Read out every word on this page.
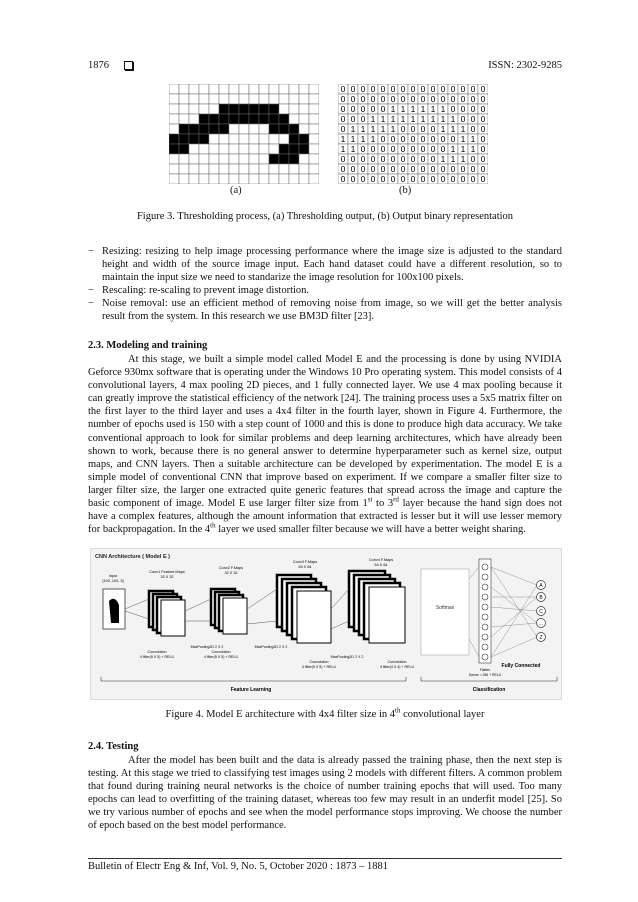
1876	ISSN: 2302-9285
0 0 0 0 0 0 0 0 0 0 0 0 0 0 0
0 0 0 0 0 0 0 0 0 0 0 0 0 0 0
0 0 0 0 0 1 1 1 1 1 1 0 0 0 0
0 0 0 1 1 1 1 1 1 1 1 1 0 0 0
0 1 1 1 1 1 0 0 0 0 1 1 1 0 0
1 1 1 1 0 0 0 0 0 0 0 0 1 1 0
1 1 0 0 0 0 0 0 0 0 0 1 1 1 0
0 0 0 0 0 0 0 0 0 0 1 1 1 0 0
0 0 0 0 0 0 0 0 0 0 0 0 0 0 0
0 0 0 0 0 0 0 0 0 0 0 0 0 0 0
(a)	(b)
Figure 3. Thresholding process, (a) Thresholding output, (b) Output binary representation

− Resizing: resizing to help image processing performance where the image size is adjusted to the standard height and width of the source image input. Each hand dataset could have a different resolution, so to maintain the input size we need to standarize the image resolution for 100x100 pixels.

− Rescaling: re-scaling to prevent image distortion.

− Noise removal: use an efficient method of removing noise from image, so we will get the better analysis result from the system. In this research we use BM3D filter [23].

2.3. Modeling and training
At this stage, we built a simple model called Model E and the processing is done by using NVIDIA Geforce 930mx software that is operating under the Windows 10 Pro operating system. This model consists of 4 convolutional layers, 4 max pooling 2D pieces, and 1 fully connected layer. We use 4 max pooling because it can greatly improve the statistical efficiency of the network [24]. The training process uses a 5x5 matrix filter on the first layer to the third layer and uses a 4x4 filter in the fourth layer, shown in Figure 4. Furthermore, the number of epochs used is 150 with a step count of 1000 and this is done to produce high data accuracy. We take conventional approach to look for similar problems and deep learning architectures, which have already been shown to work, because there is no general answer to determine hyperparameter such as kernel size, output maps, and CNN layers. Then a suitable architecture can be developed by experimentation. The model E is a simple model of conventional CNN that improve based on experiment. If we compare a smaller filter size to larger filter size, the larger one extracted quite generic features that spread across the image and capture the basic component of image. Model E use larger filter size from 1st to 3rd layer because the hand sign does not have a complex features, although the amount information that extracted is lesser but it will use lesser memory for backpropagation. In the 4th layer we used smaller filter because we will have a better weight sharing.
CNN Architecture ( Model E )
Input
[100 ,100, 3]
Conv1 Feature Maps
32 X 32
Conv2 F.Maps
32 X 32
Conv3 F.Maps
64 X 64
Conv4 F.Maps
64 X 64
MaxPooling2D 2 X 2
Convolution
4 filter(5 X 5) + RELU
MaxPooling2D 2 X 2
Convolution
4 filter(5 X 5) + RELU	MaxPooling2D 2 X 2
Convolution
4 filter(5 X 5) + RELU
Convolution
4 filter(4 X 4) + RELU
Softmax
Flatten
Dense = 256 + RELU
Fully Connected
A
B
C
...
Z
Feature Learning	Classification
Figure 4. Model E architecture with 4x4 filter size in 4th convolutional layer
2.4. Testing
After the model has been built and the data is already passed the training phase, then the next step is testing. At this stage we tried to classifying test images using 2 models with different filters. A common problem that found during training neural networks is the choice of number training epochs that will used. Too many epochs can lead to overfitting of the training dataset, whereas too few may result in an underfit model [25]. So we try various number of epochs and see when the model performance stops improving. We choose the number of epoch based on the best model performance.
Bulletin of Electr Eng & Inf, Vol. 9, No. 5, October 2020 : 1873 – 1881
